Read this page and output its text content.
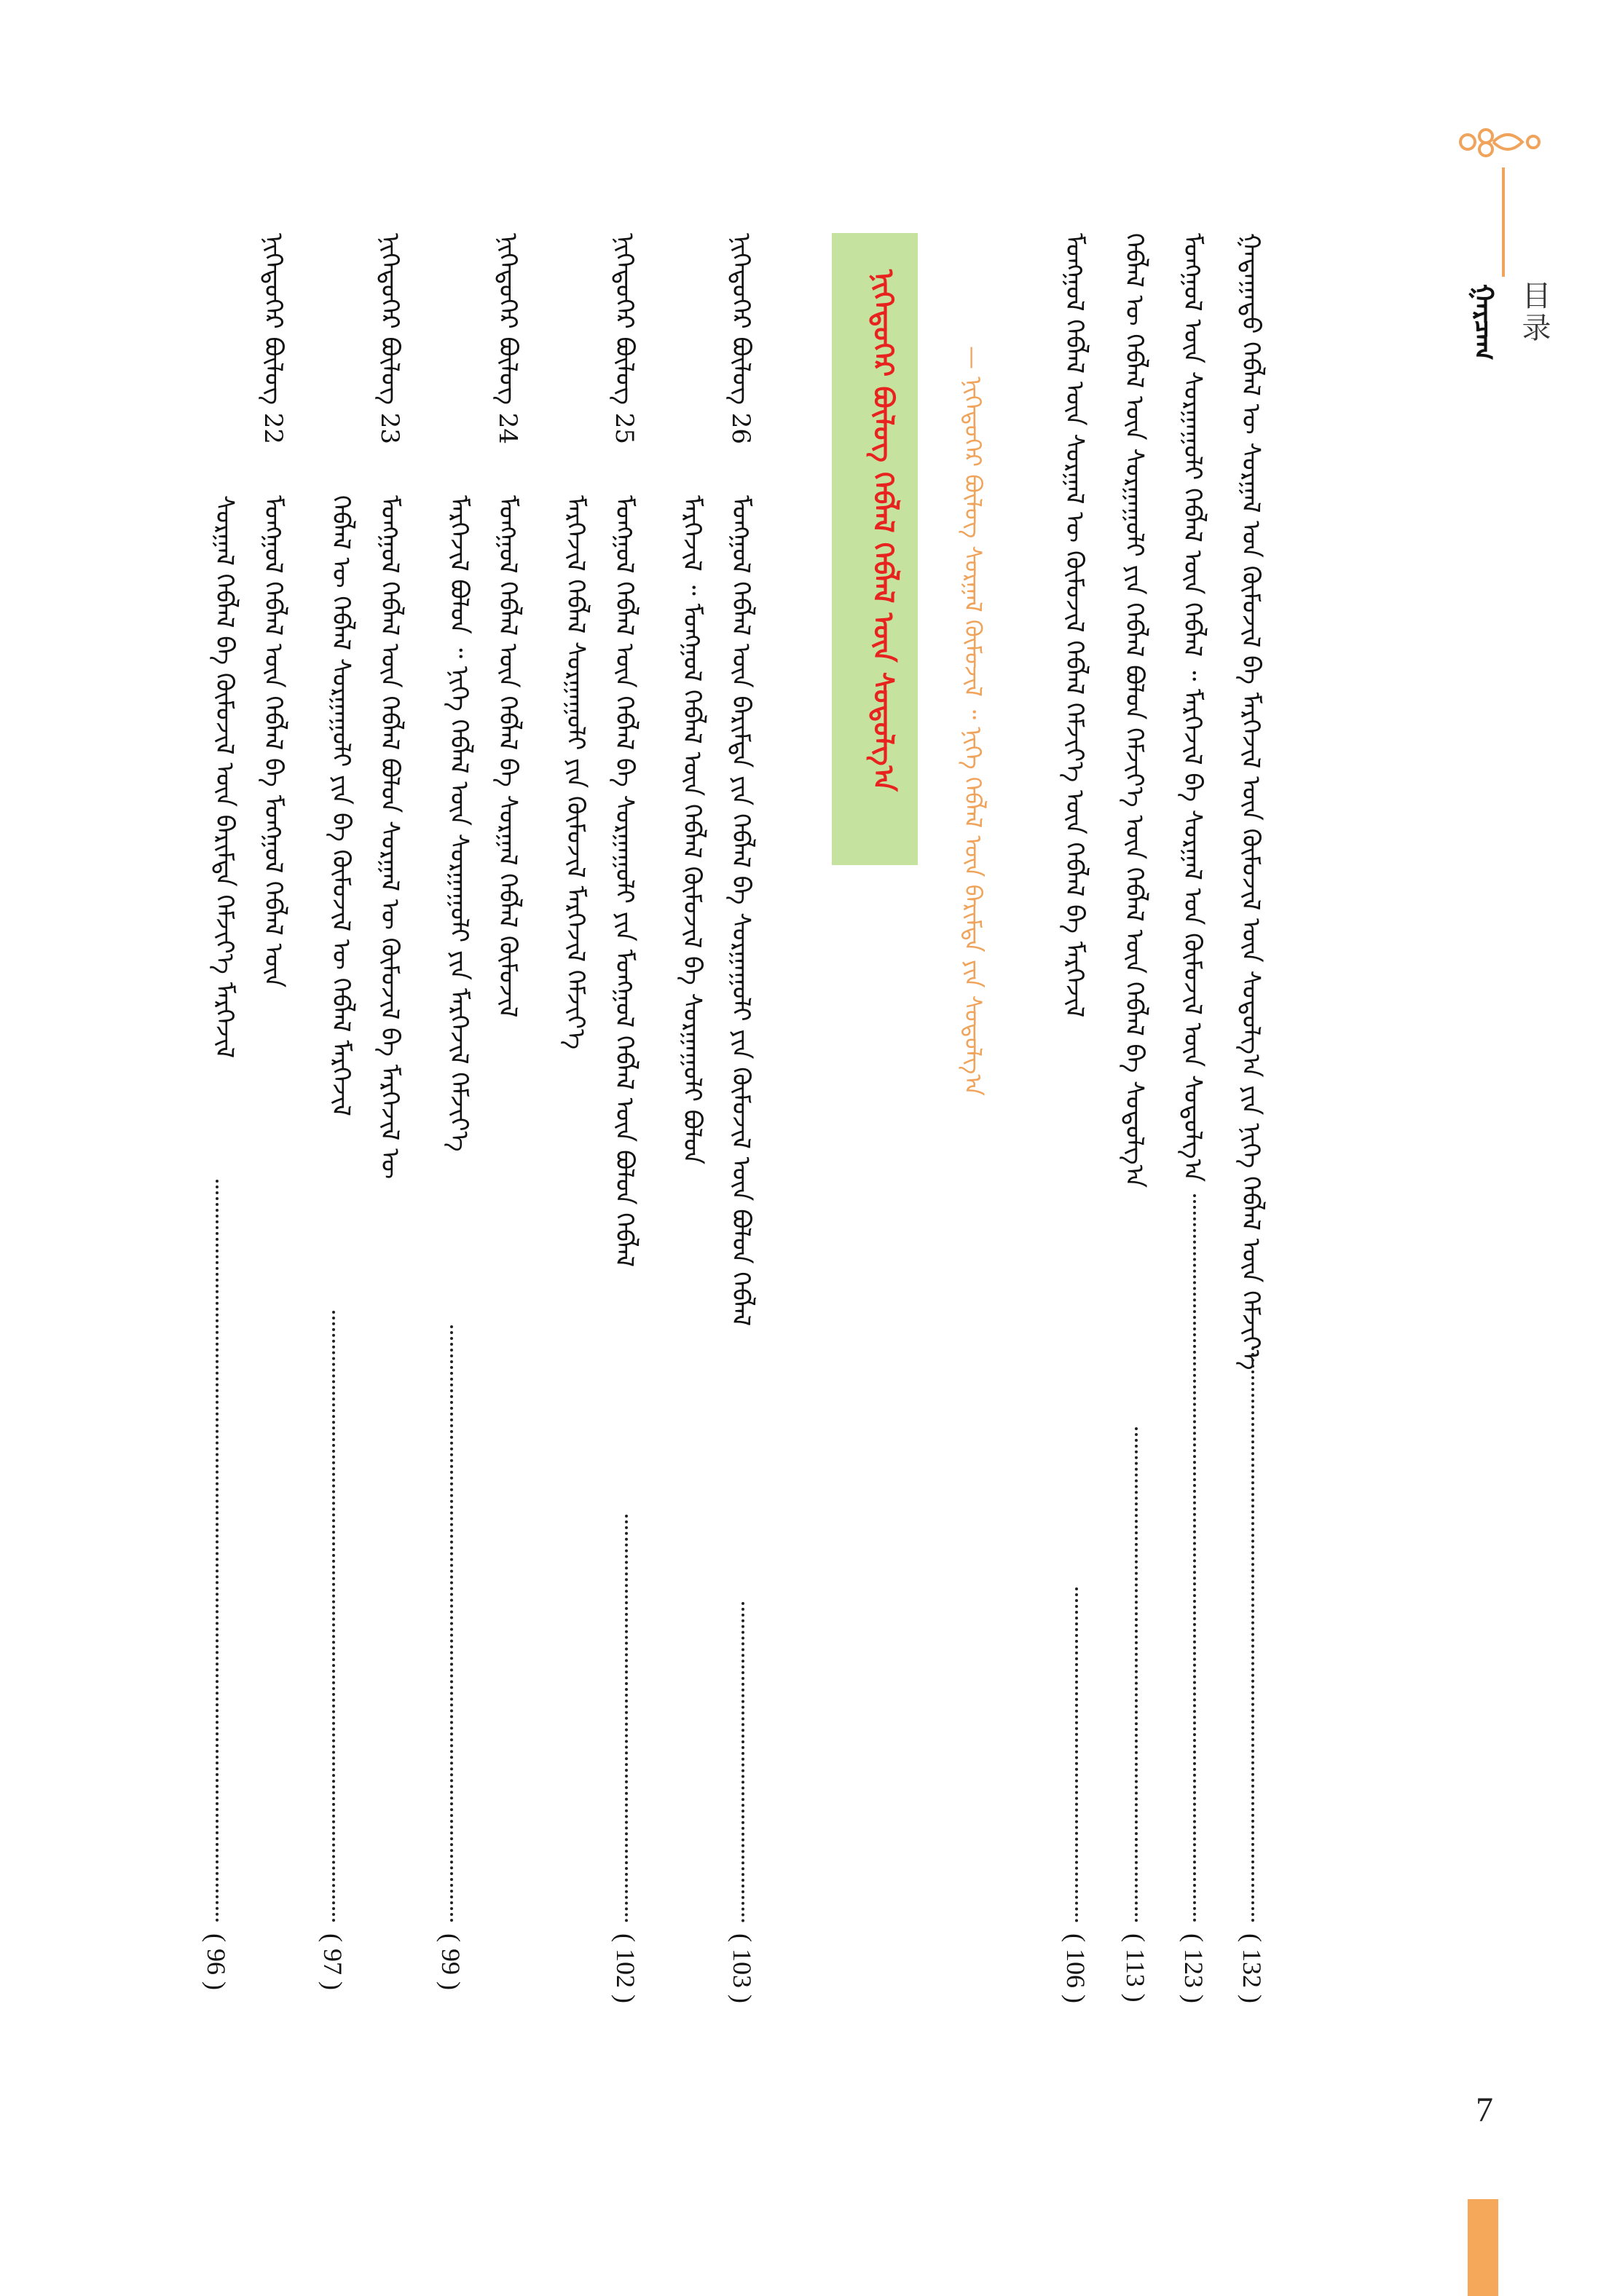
目录
ᠭᠠᠷᠴᠠᠭ
ᠭᠠᠳᠠᠭᠠᠳᠤ ᠬᠡᠪᠯᠡᠯ ᠦ ᠰᠤᠷᠭᠠᠯ ᠤᠨ ᠬᠦᠮᠦᠵᠢᠯ ᠪᠠ ᠮᠡᠷᠭᠡᠵᠢᠯ ᠦᠨ ᠬᠦᠮᠦᠵᠢᠯ ᠦᠨ ᠰᠤᠳᠤᠯᠭ᠎ᠠ ᠶᠢᠨ ᠨᠢᠭᠡ ᠬᠡᠪᠯᠡᠯ ᠦᠨ ᠬᠡᠮᠵᠢᠶ᠎ᠡ
( 132 )
ᠮᠣᠩᠭᠣᠯ ᠦᠨ ᠰᠤᠷᠭᠠᠭᠤᠯᠢ ᠬᠡᠪᠯᠡᠯ ᠦᠨ ᠬᠡᠪᠯᠡᠯ ᠃ ᠮᠡᠷᠭᠡᠵᠢᠯ ᠪᠠ ᠰᠤᠷᠭᠠᠯ ᠤᠨ ᠬᠦᠮᠦᠵᠢᠯ ᠦᠨ ᠰᠤᠳᠤᠯᠭ᠎ᠠ
( 123 )
ᠬᠡᠪᠯᠡᠯ ᠦ ᠬᠡᠪᠯᠡᠯ ᠦᠨ ᠰᠤᠷᠭᠠᠭᠤᠯᠢ ᠶᠢᠨ ᠬᠡᠪᠯᠡᠯ ᠪᠣᠯᠤᠨ ᠬᠡᠮᠵᠢᠶ᠎ᠡ ᠦᠨ ᠬᠡᠪᠯᠡᠯ ᠦᠨ ᠬᠡᠪᠯᠡᠯ ᠪᠠ ᠰᠤᠳᠤᠯᠭ᠎ᠠ
( 113 )
ᠮᠣᠩᠭᠣᠯ ᠬᠡᠪᠯᠡᠯ ᠦᠨ ᠰᠤᠷᠭᠠᠯ ᠦ ᠬᠦᠮᠦᠵᠢᠯ ᠬᠡᠪᠯᠡᠯ ᠬᠡᠮᠵᠢᠶ᠎ᠡ ᠦᠨ ᠬᠡᠪᠯᠡᠯ ᠪᠠ ᠮᠡᠷᠭᠡᠵᠢᠯ
( 106 )
— ᠨᠢᠭᠡᠳᠦᠭᠡᠷ ᠪᠦᠯᠦᠭ ᠰᠤᠷᠭᠠᠯ ᠬᠦᠮᠦᠵᠢᠯ ᠃ ᠨᠢᠭᠡ ᠬᠡᠪᠯᠡᠯ ᠦᠨ ᠪᠠᠷᠢᠮᠲᠠ ᠶᠢᠨ ᠰᠤᠳᠤᠯᠭ᠎ᠠ
ᠨᠢᠭᠡᠳᠦᠭᠡᠷ ᠪᠦᠯᠦᠭ ᠬᠡᠪᠯᠡᠯ ᠬᠡᠪᠯᠡᠯ ᠦᠨ ᠰᠤᠳᠤᠯᠭ᠎ᠠ
ᠨᠢᠭᠡᠳᠦᠭᠡᠷ ᠪᠦᠯᠦᠭ 26
ᠮᠣᠩᠭᠣᠯ ᠬᠡᠪᠯᠡᠯ ᠦᠨ ᠪᠠᠷᠢᠮᠲᠠ ᠶᠢᠨ ᠬᠡᠪᠯᠡᠯ ᠪᠠ ᠰᠤᠷᠭᠠᠭᠤᠯᠢ ᠶᠢᠨ ᠬᠦᠮᠦᠵᠢᠯ ᠦᠨ ᠪᠣᠯᠤᠨ ᠬᠡᠪᠯᠡᠯ
ᠮᠡᠷᠭᠡᠵᠢᠯ ᠃ ᠮᠣᠩᠭᠣᠯ ᠬᠡᠪᠯᠡᠯ ᠦᠨ ᠬᠡᠪᠯᠡᠯ ᠬᠦᠮᠦᠵᠢᠯ ᠪᠠ ᠰᠤᠷᠭᠠᠭᠤᠯᠢ ᠪᠣᠯᠤᠨ
( 103 )
ᠨᠢᠭᠡᠳᠦᠭᠡᠷ ᠪᠦᠯᠦᠭ 25
ᠮᠣᠩᠭᠣᠯ ᠬᠡᠪᠯᠡᠯ ᠦᠨ ᠬᠡᠪᠯᠡᠯ ᠪᠠ ᠰᠤᠷᠭᠠᠭᠤᠯᠢ ᠶᠢᠨ ᠮᠣᠩᠭᠣᠯ ᠬᠡᠪᠯᠡᠯ ᠦᠨ ᠪᠣᠯᠤᠨ ᠬᠡᠪᠯᠡᠯ
ᠮᠡᠷᠭᠡᠵᠢᠯ ᠬᠡᠪᠯᠡᠯ ᠰᠤᠷᠭᠠᠭᠤᠯᠢ ᠶᠢᠨ ᠬᠦᠮᠦᠵᠢᠯ ᠮᠡᠷᠭᠡᠵᠢᠯ ᠬᠡᠮᠵᠢᠶ᠎ᠡ
( 102 )
ᠨᠢᠭᠡᠳᠦᠭᠡᠷ ᠪᠦᠯᠦᠭ 24
ᠮᠣᠩᠭᠣᠯ ᠬᠡᠪᠯᠡᠯ ᠦᠨ ᠬᠡᠪᠯᠡᠯ ᠪᠠ ᠰᠤᠷᠭᠠᠯ ᠬᠡᠪᠯᠡᠯ ᠬᠦᠮᠦᠵᠢᠯ
ᠮᠡᠷᠭᠡᠵᠢᠯ ᠪᠣᠯᠤᠨ ᠃ ᠨᠢᠭᠡ ᠬᠡᠪᠯᠡᠯ ᠦᠨ ᠰᠤᠷᠭᠠᠭᠤᠯᠢ ᠶᠢᠨ ᠮᠡᠷᠭᠡᠵᠢᠯ ᠬᠡᠮᠵᠢᠶ᠎ᠡ
( 99 )
ᠨᠢᠭᠡᠳᠦᠭᠡᠷ ᠪᠦᠯᠦᠭ 23
ᠮᠣᠩᠭᠣᠯ ᠬᠡᠪᠯᠡᠯ ᠦᠨ ᠬᠡᠪᠯᠡᠯ ᠪᠣᠯᠤᠨ ᠰᠤᠷᠭᠠᠯ ᠦ ᠬᠦᠮᠦᠵᠢᠯ ᠪᠠ ᠮᠡᠷᠭᠡᠵᠢᠯ ᠦ
ᠬᠡᠪᠯᠡᠯ ᠦ ᠬᠡᠪᠯᠡᠯ ᠰᠤᠷᠭᠠᠭᠤᠯᠢ ᠶᠢᠨ ᠪᠠ ᠬᠦᠮᠦᠵᠢᠯ ᠦ ᠬᠡᠪᠯᠡᠯ ᠮᠡᠷᠭᠡᠵᠢᠯ
( 97 )
ᠨᠢᠭᠡᠳᠦᠭᠡᠷ ᠪᠦᠯᠦᠭ 22
ᠮᠣᠩᠭᠣᠯ ᠬᠡᠪᠯᠡᠯ ᠦᠨ ᠬᠡᠪᠯᠡᠯ ᠪᠠ ᠮᠣᠩᠭᠣᠯ ᠬᠡᠪᠯᠡᠯ ᠦᠨ
ᠰᠤᠷᠭᠠᠯ ᠬᠡᠪᠯᠡᠯ ᠪᠠ ᠬᠦᠮᠦᠵᠢᠯ ᠦᠨ ᠪᠠᠷᠢᠮᠲᠠ ᠬᠡᠮᠵᠢᠶ᠎ᠡ ᠮᠡᠷᠭᠡᠵᠢᠯ
( 96 )
7
